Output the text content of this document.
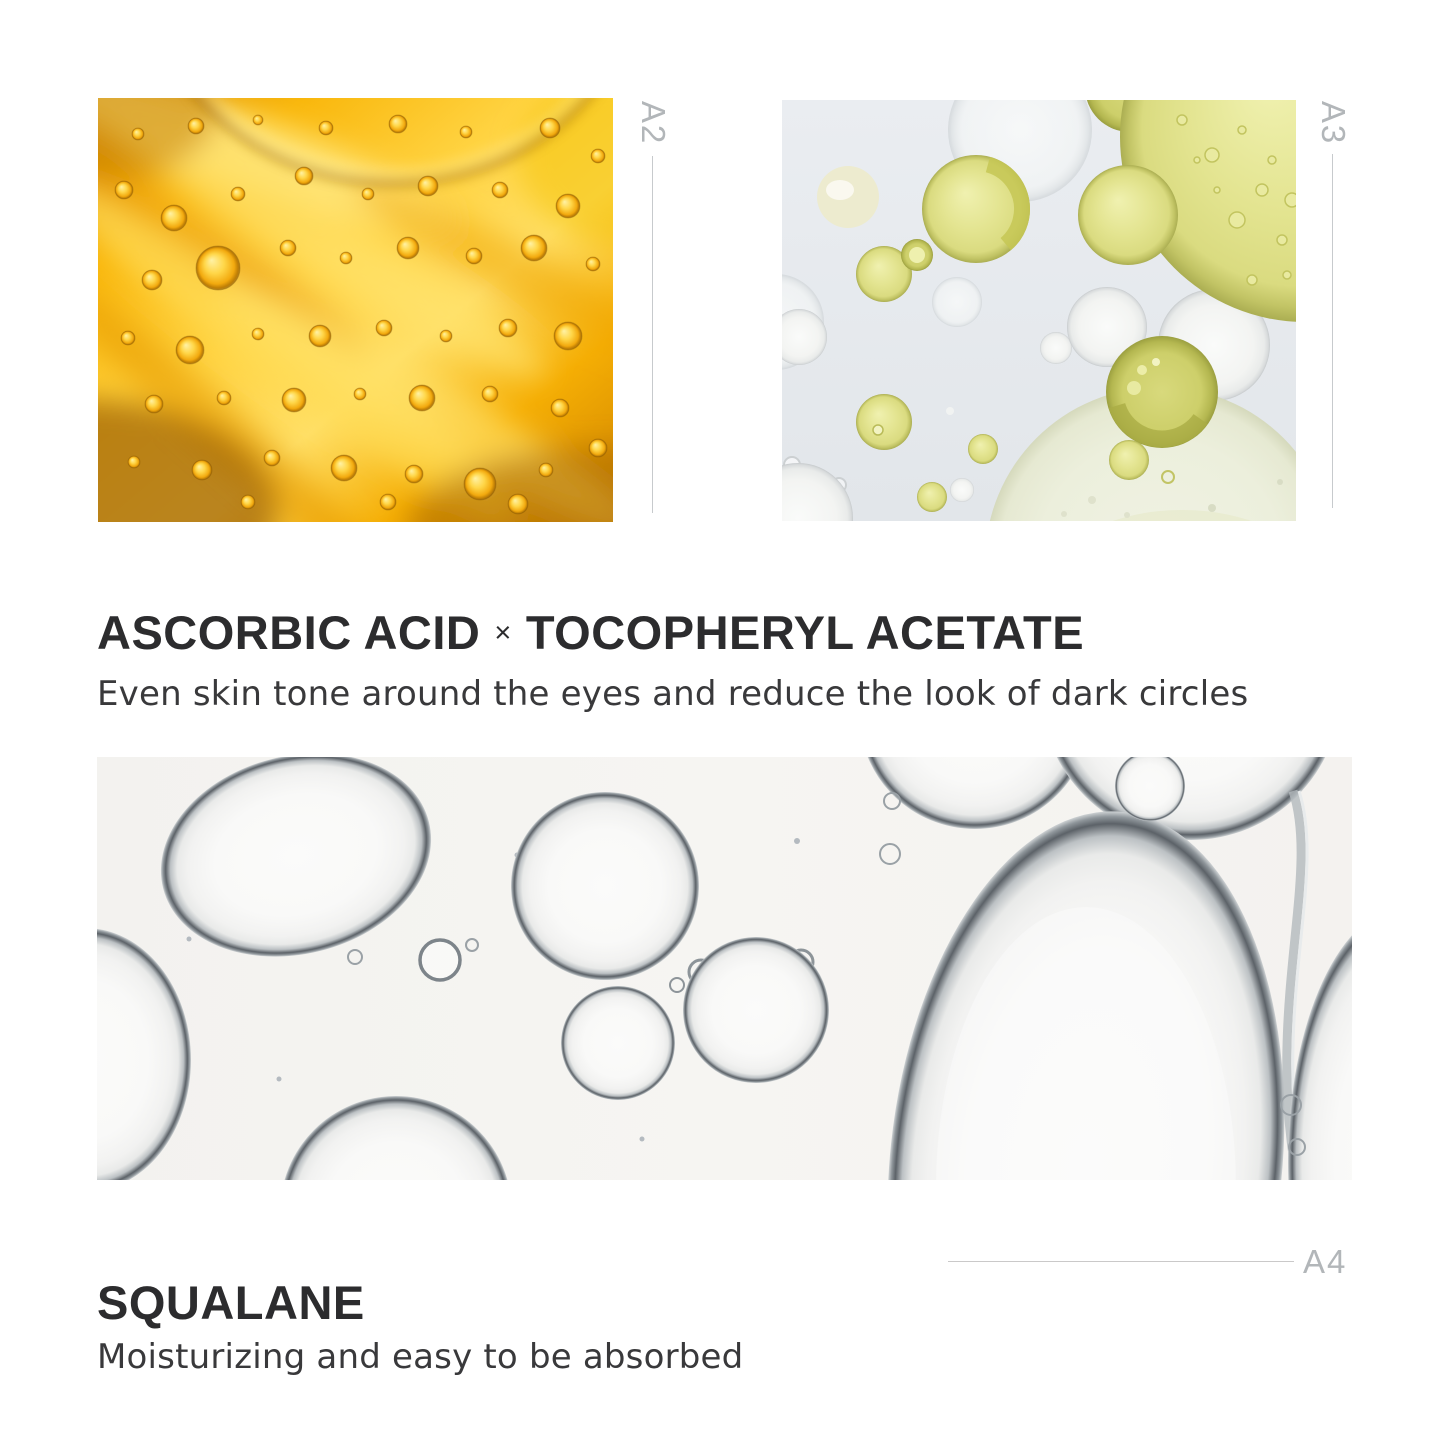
A2	A3
ASCORBIC ACID × TOCOPHERYL ACETATE

Even skin tone around the eyes and reduce the look of dark circles

SQUALANE
A4

Moisturizing and easy to be absorbed
